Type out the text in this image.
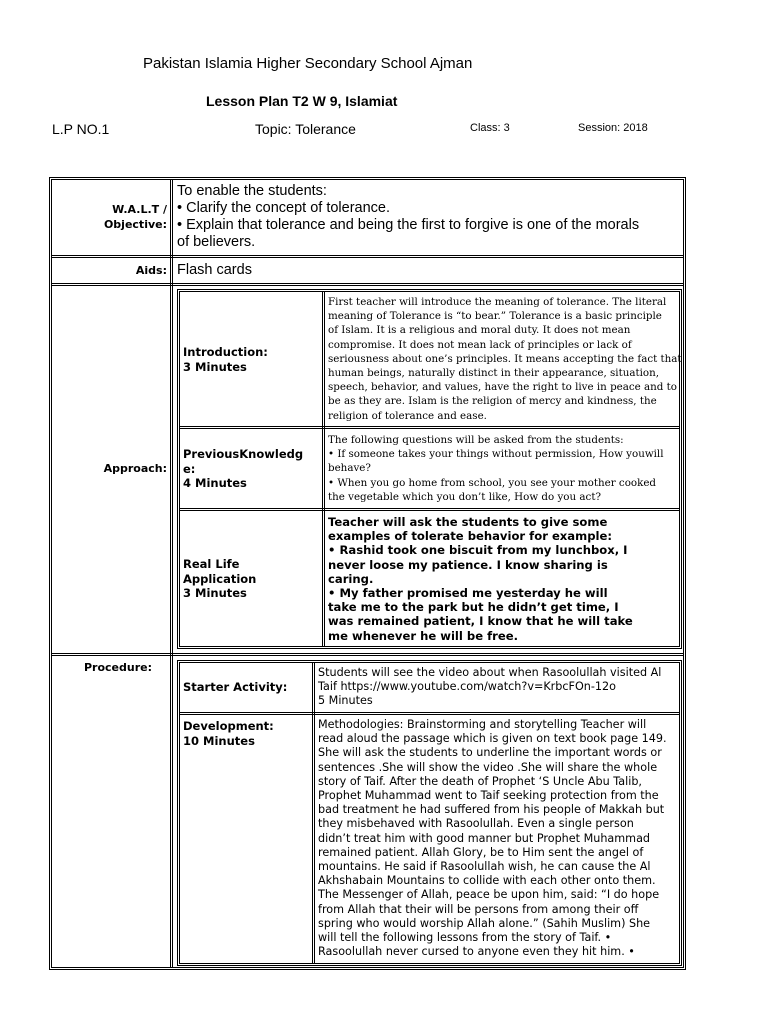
Pakistan Islamia Higher Secondary School Ajman
Lesson Plan T2 W 9, Islamiat
L.P NO.1	Topic: Tolerance	Class: 3	Session: 2018
W.A.L.T /
Objective:
To enable the students:
• Clarify the concept of tolerance.
• Explain that tolerance and being the first to forgive is one of the morals
of believers.
Aids: Flash cards
Approach:
Introduction:
3 Minutes
First teacher will introduce the meaning of tolerance. The literal
meaning of Tolerance is “to bear.” Tolerance is a basic principle
of Islam. It is a religious and moral duty. It does not mean
compromise. It does not mean lack of principles or lack of
seriousness about one’s principles. It means accepting the fact that
human beings, naturally distinct in their appearance, situation,
speech, behavior, and values, have the right to live in peace and to
be as they are. Islam is the religion of mercy and kindness, the
religion of tolerance and ease.
PreviousKnowledg
e:
4 Minutes
The following questions will be asked from the students:
• If someone takes your things without permission, How youwill
behave?
• When you go home from school, you see your mother cooked
the vegetable which you don’t like, How do you act?
Real Life
Application
3 Minutes
Teacher will ask the students to give some
examples of tolerate behavior for example:
• Rashid took one biscuit from my lunchbox, I
never loose my patience. I know sharing is
caring.
• My father promised me yesterday he will
take me to the park but he didn’t get time, I
was remained patient, I know that he will take
me whenever he will be free.
Procedure:
Starter Activity:
Students will see the video about when Rasoolullah visited Al
Taif https://www.youtube.com/watch?v=KrbcFOn-12o
5 Minutes
Development:
10 Minutes
Methodologies: Brainstorming and storytelling Teacher will
read aloud the passage which is given on text book page 149.
She will ask the students to underline the important words or
sentences .She will show the video .She will share the whole
story of Taif. After the death of Prophet ‘S Uncle Abu Talib,
Prophet Muhammad went to Taif seeking protection from the
bad treatment he had suffered from his people of Makkah but
they misbehaved with Rasoolullah. Even a single person
didn’t treat him with good manner but Prophet Muhammad
remained patient. Allah Glory, be to Him sent the angel of
mountains. He said if Rasoolullah wish, he can cause the Al
Akhshabain Mountains to collide with each other onto them.
The Messenger of Allah, peace be upon him, said: “I do hope
from Allah that their will be persons from among their off
spring who would worship Allah alone.” (Sahih Muslim) She
will tell the following lessons from the story of Taif. •
Rasoolullah never cursed to anyone even they hit him. •
